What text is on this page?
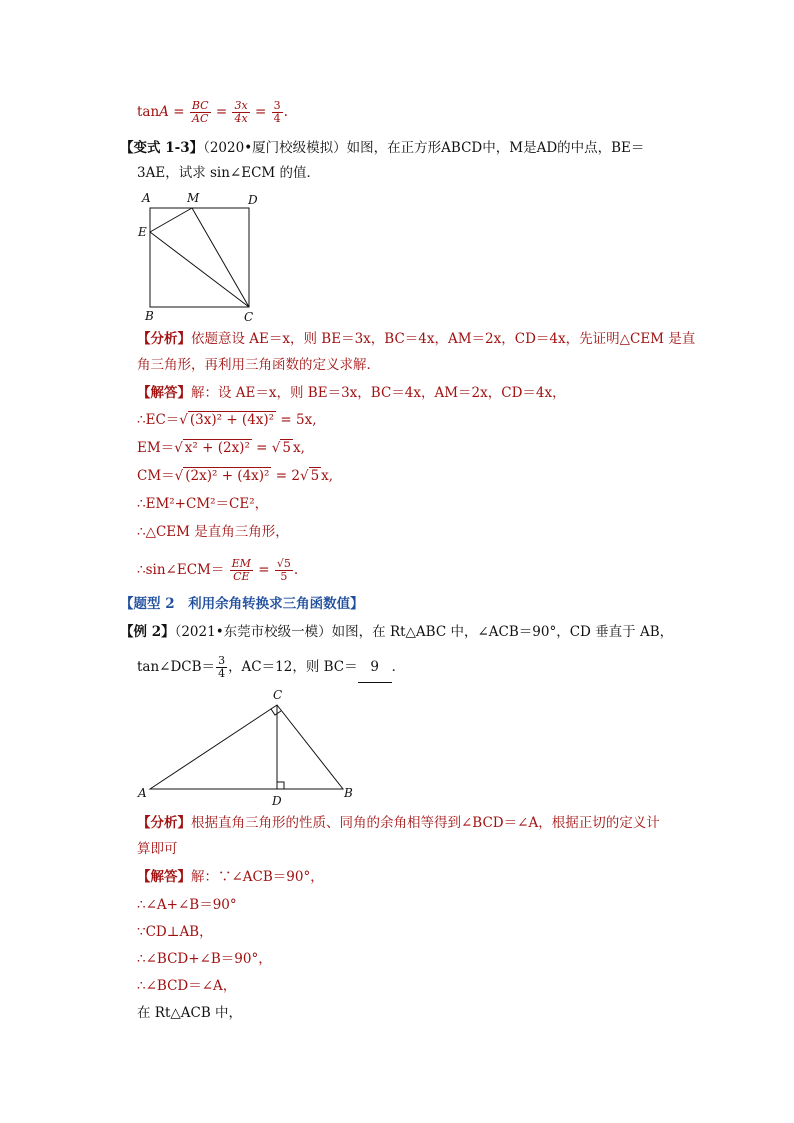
$\tan A = \frac{BC}{AC} = \frac{3x}{4x} = \frac{3}{4}$ .
【变式 1-3】（2020•厦门校级模拟）如图，在正方形ABCD中，M是AD的中点，BE＝
3AE，试求 sin∠ECM 的值．
A	M	D
E
B	C
【分析】依题意设 AE＝x，则 BE＝3x，BC＝4x，AM＝2x，CD＝4x，先证明△CEM 是直
角三角形，再利用三角函数的定义求解．
【解答】解：设 AE＝x，则 BE＝3x，BC＝4x，AM＝2x，CD＝4x，
∴EC＝√ (3x)² + (4x)² = 5x,
EM＝√ x² + (2x)² = √ 5 x,
CM＝√ (2x)² + (4x)² = 2√ 5 x,
∴EM²+CM²＝CE²，
∴△CEM 是直角三角形，
∴sin∠ECM＝ $\frac{EM}{CE} = \frac{√5}{5}$ .
【题型 2　利用余角转换求三角函数值】
【例 2】（2021•东莞市校级一模）如图，在 Rt△ABC 中，∠ACB＝90°，CD 垂直于 AB，
tan∠DCB＝ $\frac{3}{4}$ ，AC＝12，则 BC＝ 9 ．
C
A
D
B
【分析】根据直角三角形的性质、同角的余角相等得到∠BCD＝∠A，根据正切的定义计
算即可
【解答】解：∵∠ACB＝90°，
∴∠A+∠B＝90°
∵CD⊥AB，
∴∠BCD+∠B＝90°，
∴∠BCD＝∠A，
在 Rt△ACB 中，
